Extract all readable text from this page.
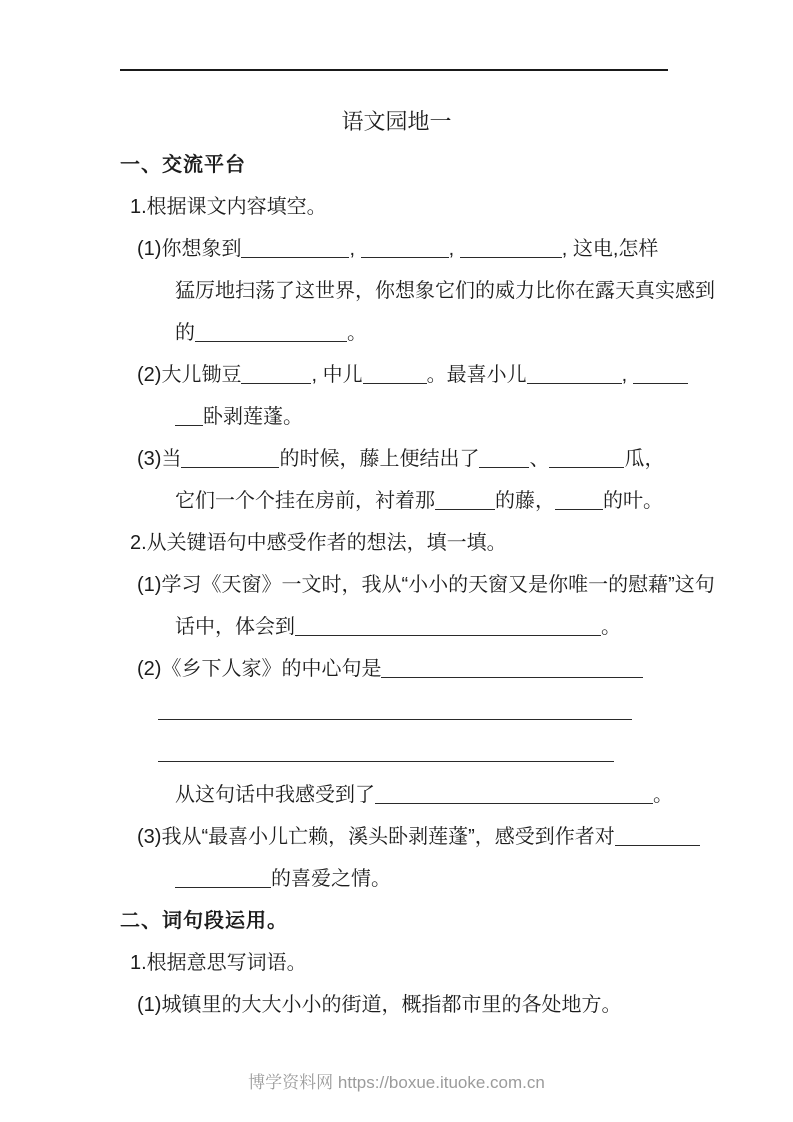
语文园地一
一、交流平台
1.根据课文内容填空。
(1)你想象到	,	,	, 这电,怎样
猛厉地扫荡了这世界，你想象它们的威力比你在露天真实感到
的	。
(2)大儿锄豆	, 中儿	。最喜小儿	,
卧剥莲蓬。
(3)当	的时候，藤上便结出了	、	瓜，
它们一个个挂在房前，衬着那	的藤， 的叶。
2.从关键语句中感受作者的想法，填一填。
(1)学习《天窗》一文时，我从“小小的天窗又是你唯一的慰藉”这句
话中，体会到	。
(2)《乡下人家》的中心句是
从这句话中我感受到了	。
(3)我从“最喜小儿亡赖，溪头卧剥莲蓬”，感受到作者对
的喜爱之情。
二、词句段运用。
1.根据意思写词语。
(1)城镇里的大大小小的街道，概指都市里的各处地方。
博学资料网 https://boxue.ituoke.com.cn
